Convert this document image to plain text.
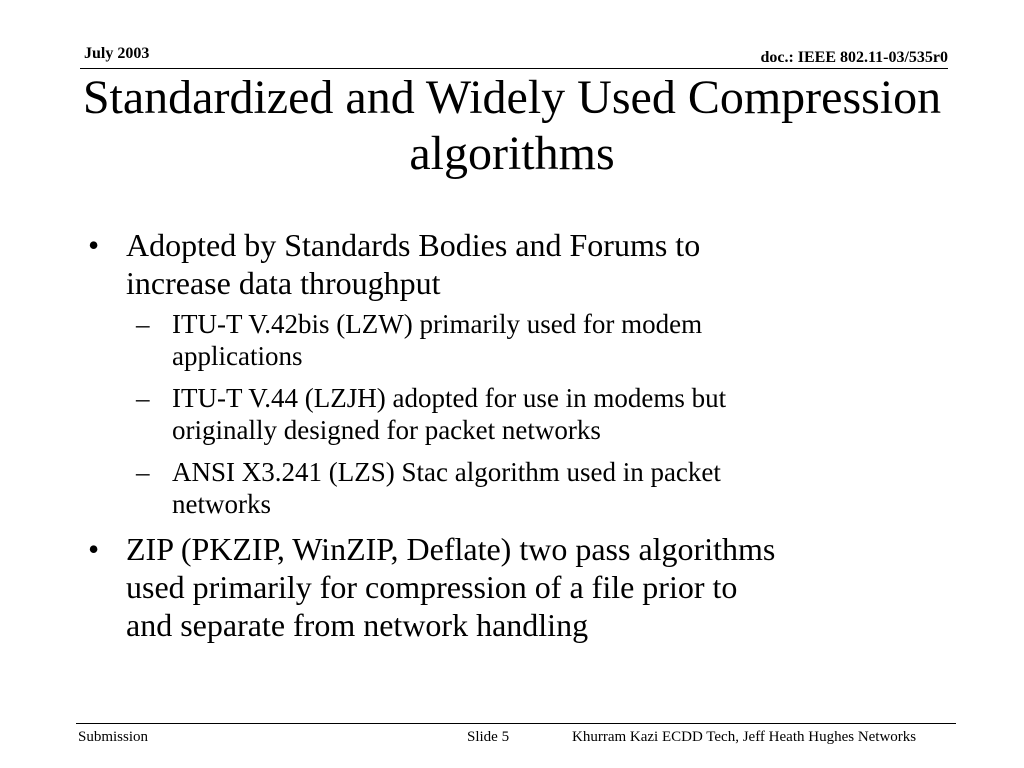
July 2003	doc.: IEEE 802.11-03/535r0
Standardized and Widely Used Compression
algorithms
• Adopted by Standards Bodies and Forums to
increase data throughput
– ITU-T V.42bis (LZW) primarily used for modem
applications
– ITU-T V.44 (LZJH) adopted for use in modems but
originally designed for packet networks
– ANSI X3.241 (LZS) Stac algorithm used in packet
networks
• ZIP (PKZIP, WinZIP, Deflate) two pass algorithms
used primarily for compression of a file prior to
and separate from network handling
Submission	Slide 5	Khurram Kazi ECDD Tech, Jeff Heath Hughes Networks
